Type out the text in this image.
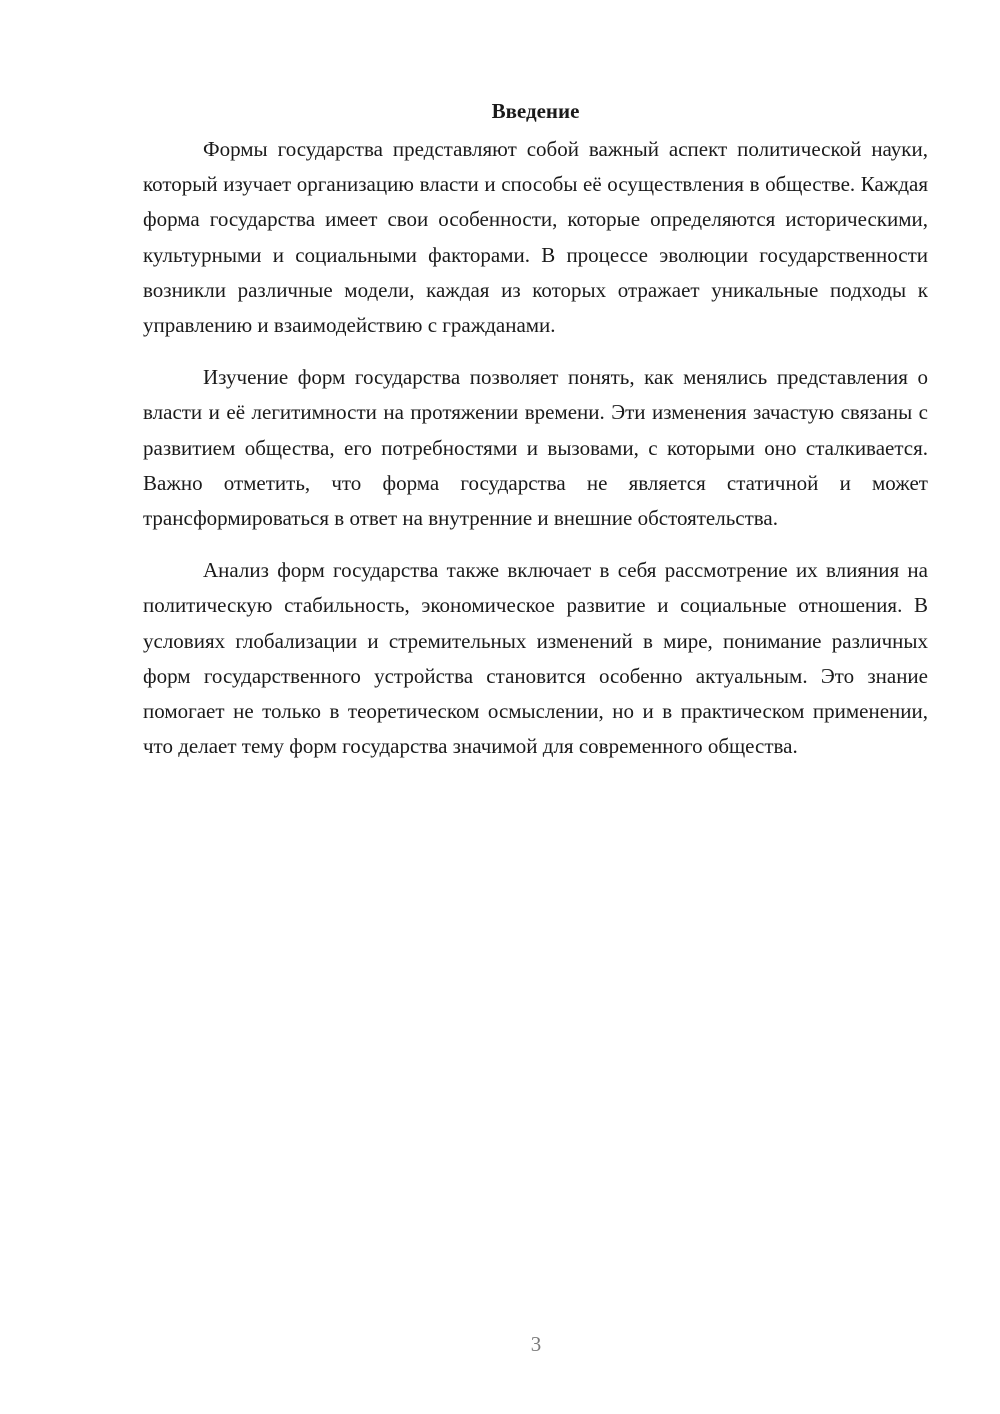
Введение

Формы государства представляют собой важный аспект политической науки, который изучает организацию власти и способы её осуществления в обществе. Каждая форма государства имеет свои особенности, которые определяются историческими, культурными и социальными факторами. В процессе эволюции государственности возникли различные модели, каждая из которых отражает уникальные подходы к управлению и взаимодействию с гражданами.

Изучение форм государства позволяет понять, как менялись представления о власти и её легитимности на протяжении времени. Эти изменения зачастую связаны с развитием общества, его потребностями и вызовами, с которыми оно сталкивается. Важно отметить, что форма государства не является статичной и может трансформироваться в ответ на внутренние и внешние обстоятельства.

Анализ форм государства также включает в себя рассмотрение их влияния на политическую стабильность, экономическое развитие и социальные отношения. В условиях глобализации и стремительных изменений в мире, понимание различных форм государственного устройства становится особенно актуальным. Это знание помогает не только в теоретическом осмыслении, но и в практическом применении, что делает тему форм государства значимой для современного общества.

3
